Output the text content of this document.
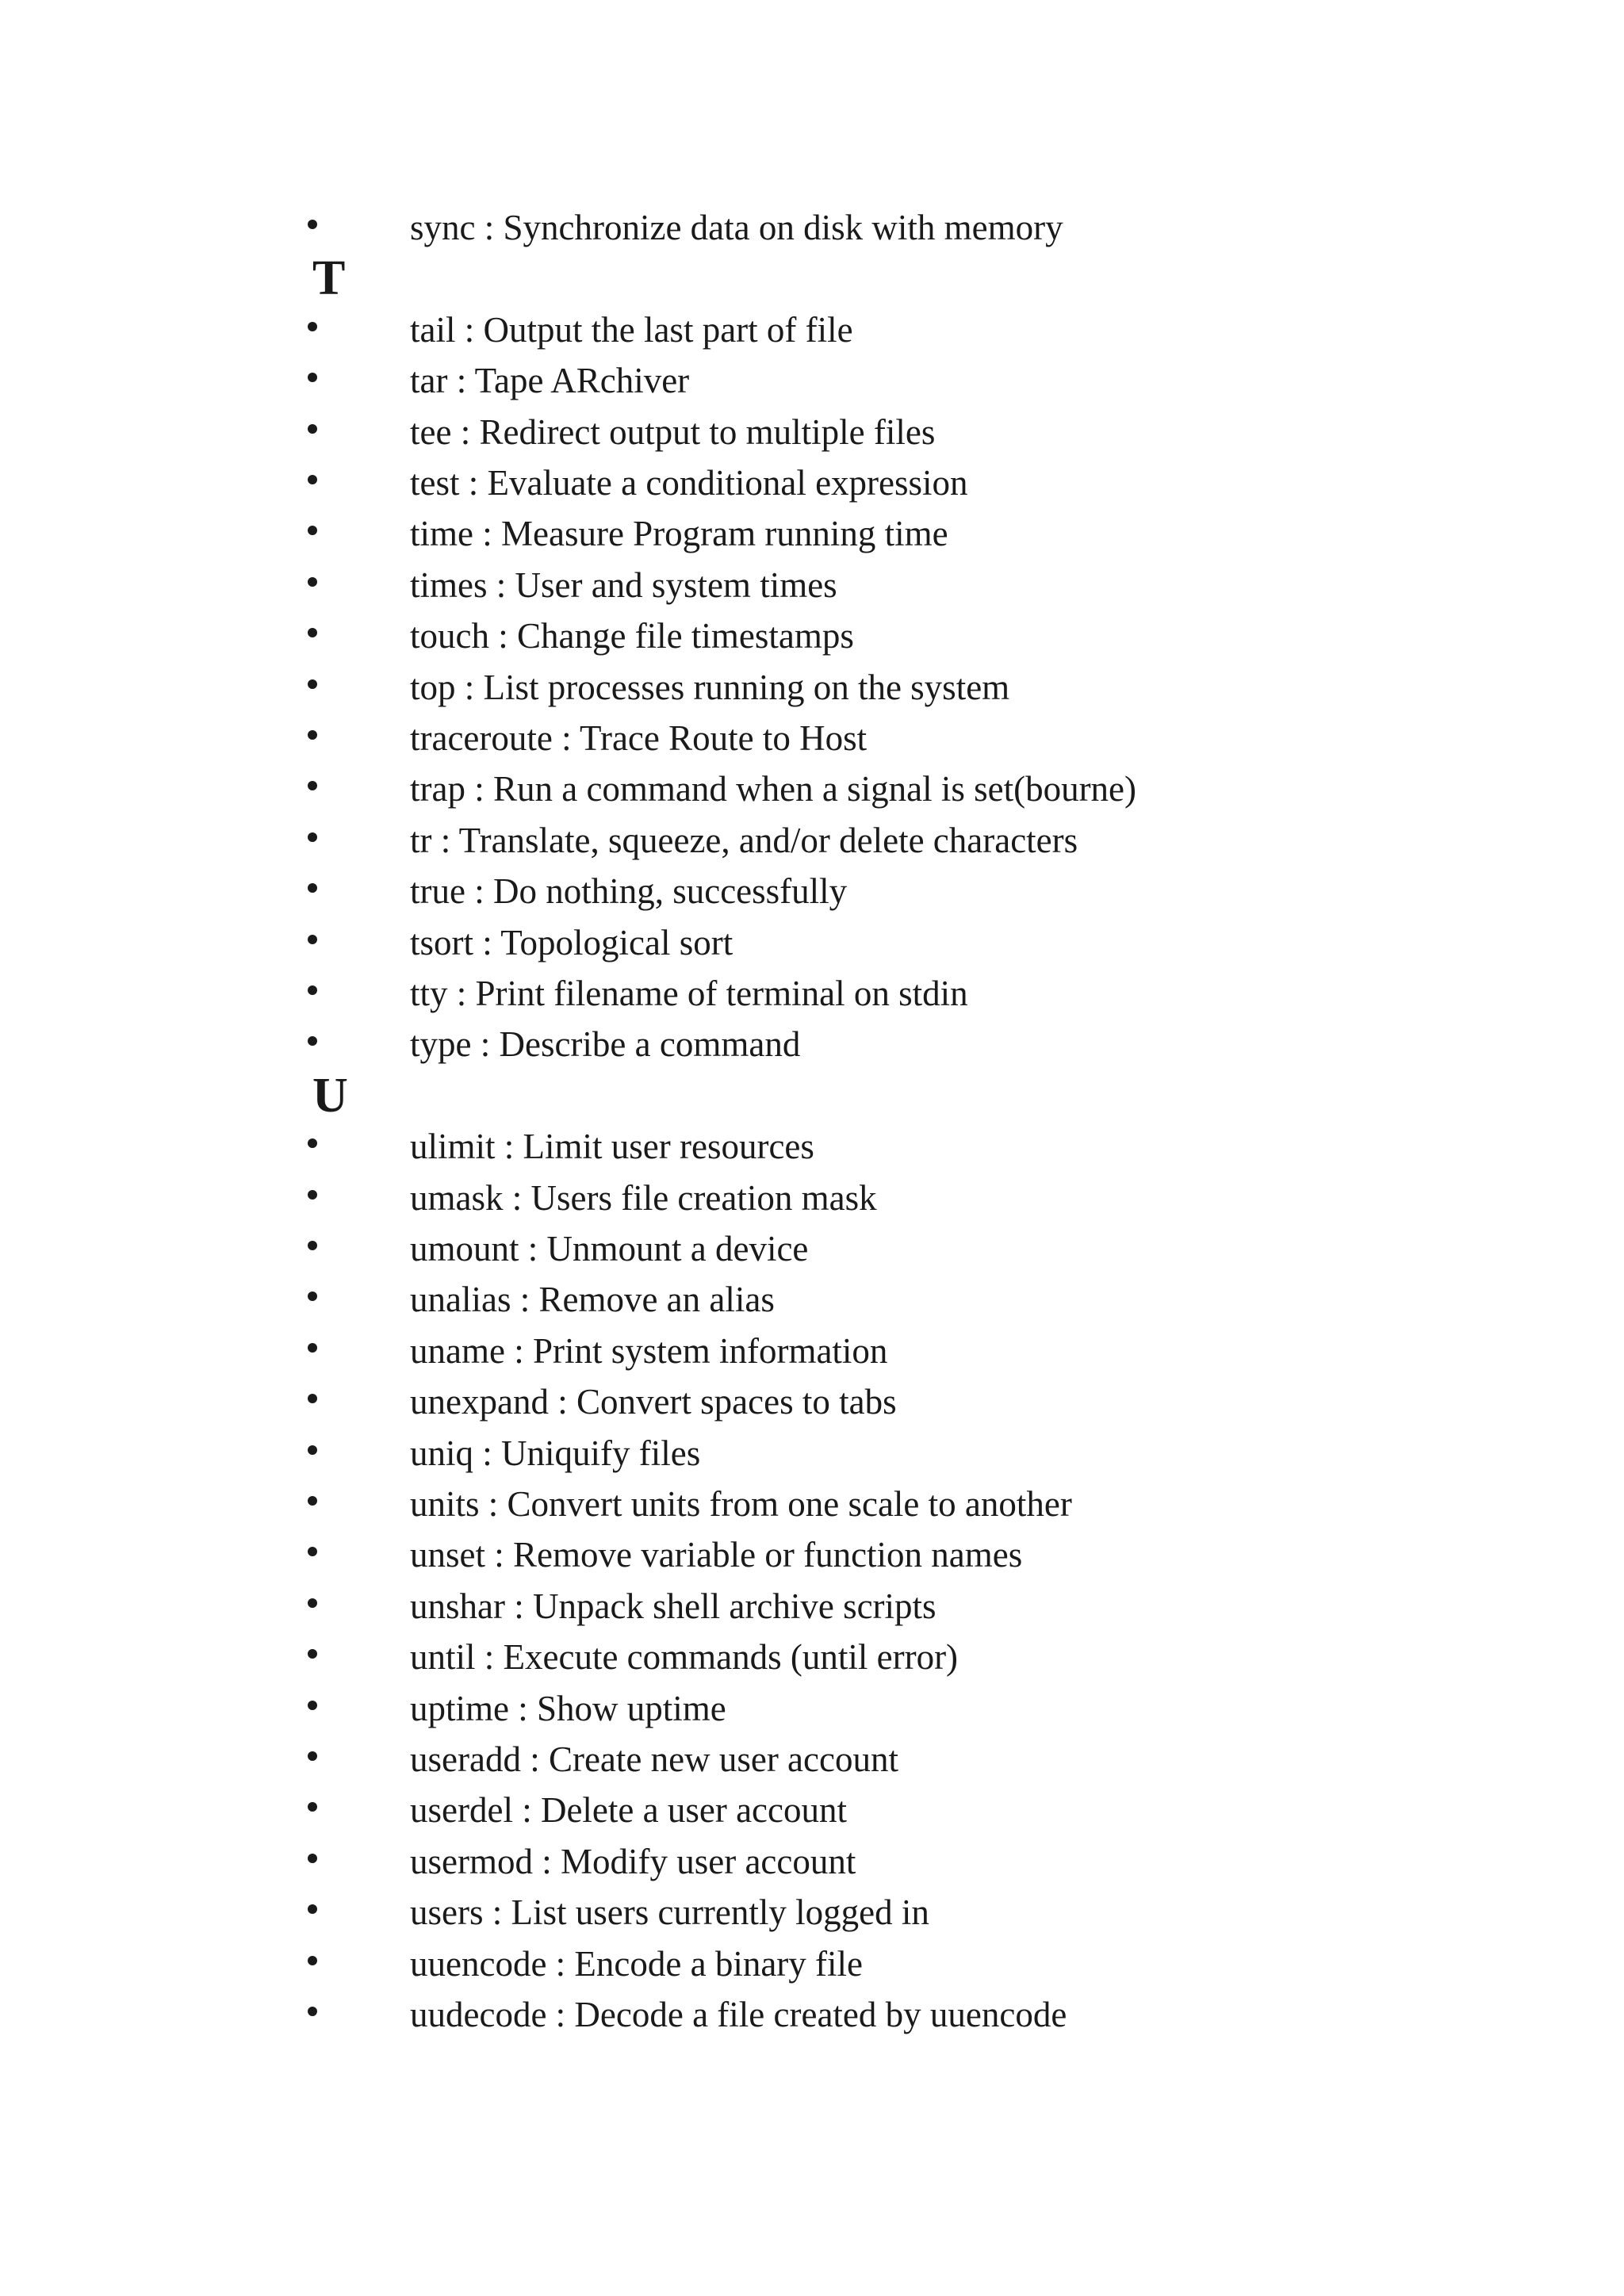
sync : Synchronize data on disk with memory
T
tail : Output the last part of file
tar : Tape ARchiver
tee : Redirect output to multiple files
test : Evaluate a conditional expression
time : Measure Program running time
times : User and system times
touch : Change file timestamps
top : List processes running on the system
traceroute : Trace Route to Host
trap : Run a command when a signal is set(bourne)
tr : Translate, squeeze, and/or delete characters
true : Do nothing, successfully
tsort : Topological sort
tty : Print filename of terminal on stdin
type : Describe a command
U
ulimit : Limit user resources
umask : Users file creation mask
umount : Unmount a device
unalias : Remove an alias
uname : Print system information
unexpand : Convert spaces to tabs
uniq : Uniquify files
units : Convert units from one scale to another
unset : Remove variable or function names
unshar : Unpack shell archive scripts
until : Execute commands (until error)
uptime : Show uptime
useradd : Create new user account
userdel : Delete a user account
usermod : Modify user account
users : List users currently logged in
uuencode : Encode a binary file
uudecode : Decode a file created by uuencode
